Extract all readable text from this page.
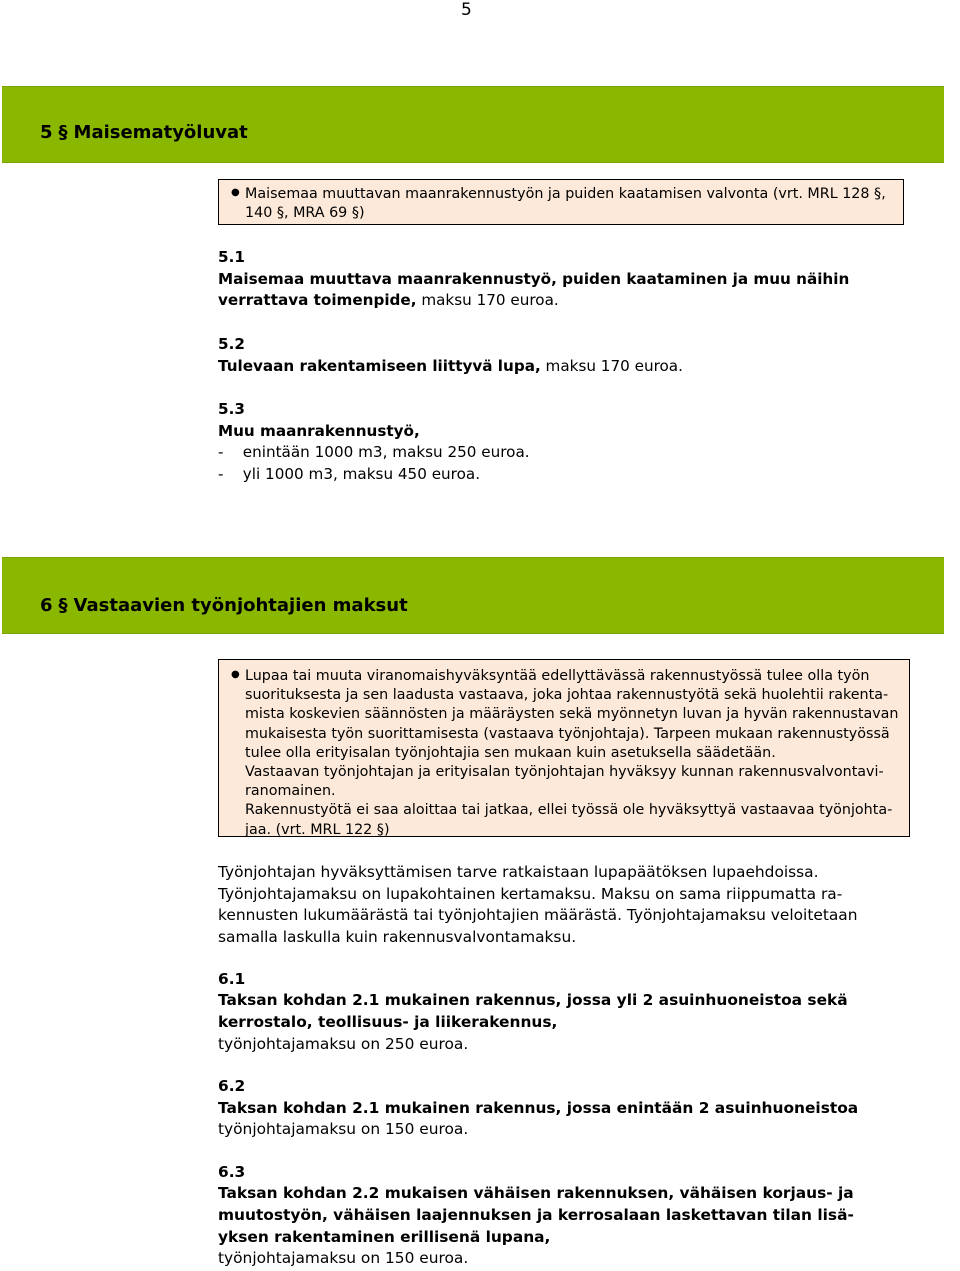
5
5 § Maisematyöluvat
● Maisemaa muuttavan maanrakennustyön ja puiden kaatamisen valvonta (vrt. MRL 128 §,
140 §, MRA 69 §)
5.1
Maisemaa muuttava maanrakennustyö, puiden kaataminen ja muu näihin
verrattava toimenpide, maksu 170 euroa.
5.2
Tulevaan rakentamiseen liittyvä lupa, maksu 170 euroa.
5.3
Muu maanrakennustyö,
-    enintään 1000 m3, maksu 250 euroa.
-    yli 1000 m3, maksu 450 euroa.
6 § Vastaavien työnjohtajien maksut
● Lupaa tai muuta viranomaishyväksyntää edellyttävässä rakennustyössä tulee olla työn
suorituksesta ja sen laadusta vastaava, joka johtaa rakennustyötä sekä huolehtii rakenta-
mista koskevien säännösten ja määräysten sekä myönnetyn luvan ja hyvän rakennustavan
mukaisesta työn suorittamisesta (vastaava työnjohtaja). Tarpeen mukaan rakennustyössä
tulee olla erityisalan työnjohtajia sen mukaan kuin asetuksella säädetään.
Vastaavan työnjohtajan ja erityisalan työnjohtajan hyväksyy kunnan rakennusvalvontavi-
ranomainen.
Rakennustyötä ei saa aloittaa tai jatkaa, ellei työssä ole hyväksyttyä vastaavaa työnjohta-
jaa. (vrt. MRL 122 §)
Työnjohtajan hyväksyttämisen tarve ratkaistaan lupapäätöksen lupaehdoissa.
Työnjohtajamaksu on lupakohtainen kertamaksu. Maksu on sama riippumatta ra-
kennusten lukumäärästä tai työnjohtajien määrästä. Työnjohtajamaksu veloitetaan
samalla laskulla kuin rakennusvalvontamaksu.
6.1
Taksan kohdan 2.1 mukainen rakennus, jossa yli 2 asuinhuoneistoa sekä
kerrostalo, teollisuus- ja liikerakennus,
työnjohtajamaksu on 250 euroa.
6.2
Taksan kohdan 2.1 mukainen rakennus, jossa enintään 2 asuinhuoneistoa
työnjohtajamaksu on 150 euroa.
6.3
Taksan kohdan 2.2 mukaisen vähäisen rakennuksen, vähäisen korjaus- ja
muutostyön, vähäisen laajennuksen ja kerrosalaan laskettavan tilan lisä-
yksen rakentaminen erillisenä lupana,
työnjohtajamaksu on 150 euroa.
